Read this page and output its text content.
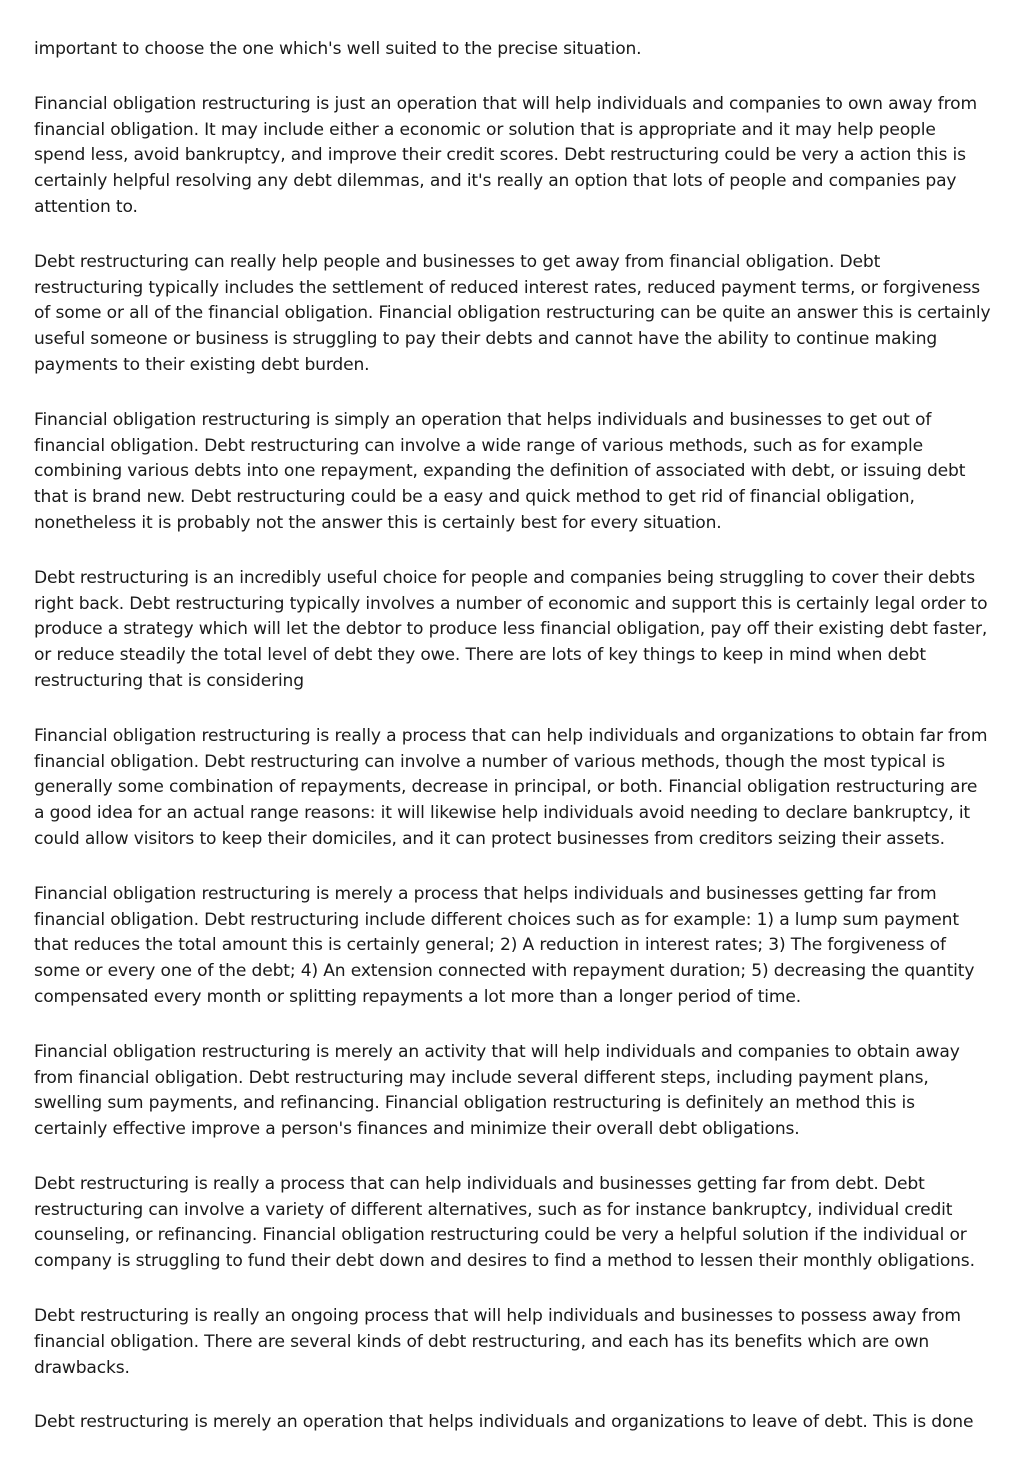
important to choose the one which's well suited to the precise situation.

Financial obligation restructuring is just an operation that will help individuals and companies to own away from financial obligation. It may include either a economic or solution that is appropriate and it may help people spend less, avoid bankruptcy, and improve their credit scores. Debt restructuring could be very a action this is certainly helpful resolving any debt dilemmas, and it's really an option that lots of people and companies pay attention to.

Debt restructuring can really help people and businesses to get away from financial obligation. Debt restructuring typically includes the settlement of reduced interest rates, reduced payment terms, or forgiveness of some or all of the financial obligation. Financial obligation restructuring can be quite an answer this is certainly useful someone or business is struggling to pay their debts and cannot have the ability to continue making payments to their existing debt burden.

Financial obligation restructuring is simply an operation that helps individuals and businesses to get out of financial obligation. Debt restructuring can involve a wide range of various methods, such as for example combining various debts into one repayment, expanding the definition of associated with debt, or issuing debt that is brand new. Debt restructuring could be a easy and quick method to get rid of financial obligation, nonetheless it is probably not the answer this is certainly best for every situation.

Debt restructuring is an incredibly useful choice for people and companies being struggling to cover their debts right back. Debt restructuring typically involves a number of economic and support this is certainly legal order to produce a strategy which will let the debtor to produce less financial obligation, pay off their existing debt faster, or reduce steadily the total level of debt they owe. There are lots of key things to keep in mind when debt restructuring that is considering

Financial obligation restructuring is really a process that can help individuals and organizations to obtain far from financial obligation. Debt restructuring can involve a number of various methods, though the most typical is generally some combination of repayments, decrease in principal, or both. Financial obligation restructuring are a good idea for an actual range reasons: it will likewise help individuals avoid needing to declare bankruptcy, it could allow visitors to keep their domiciles, and it can protect businesses from creditors seizing their assets.

Financial obligation restructuring is merely a process that helps individuals and businesses getting far from financial obligation. Debt restructuring include different choices such as for example: 1) a lump sum payment that reduces the total amount this is certainly general; 2) A reduction in interest rates; 3) The forgiveness of some or every one of the debt; 4) An extension connected with repayment duration; 5) decreasing the quantity compensated every month or splitting repayments a lot more than a longer period of time.

Financial obligation restructuring is merely an activity that will help individuals and companies to obtain away from financial obligation. Debt restructuring may include several different steps, including payment plans, swelling sum payments, and refinancing. Financial obligation restructuring is definitely an method this is certainly effective improve a person's finances and minimize their overall debt obligations.

Debt restructuring is really a process that can help individuals and businesses getting far from debt. Debt restructuring can involve a variety of different alternatives, such as for instance bankruptcy, individual credit counseling, or refinancing. Financial obligation restructuring could be very a helpful solution if the individual or company is struggling to fund their debt down and desires to find a method to lessen their monthly obligations.

Debt restructuring is really an ongoing process that will help individuals and businesses to possess away from financial obligation. There are several kinds of debt restructuring, and each has its benefits which are own drawbacks.

Debt restructuring is merely an operation that helps individuals and organizations to leave of debt. This is done
